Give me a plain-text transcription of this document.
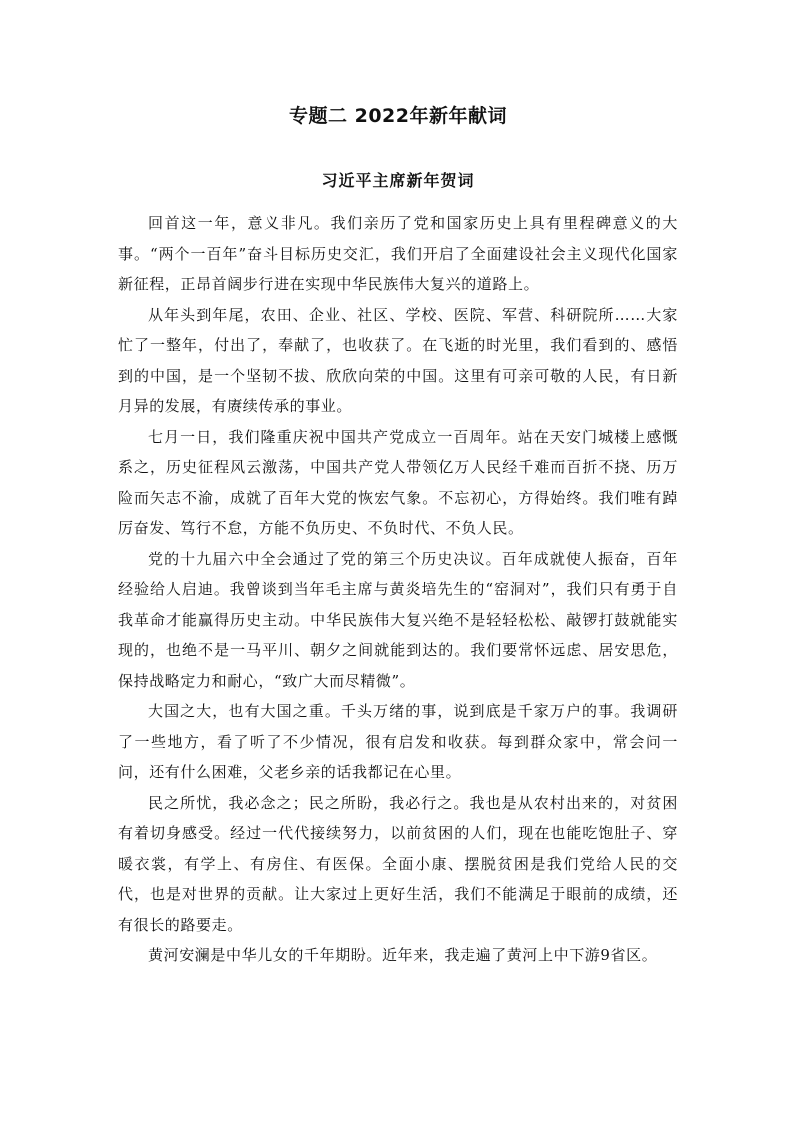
专题二 2022年新年献词
习近平主席新年贺词

回首这一年，意义非凡。我们亲历了党和国家历史上具有里程碑意义的大事。“两个一百年”奋斗目标历史交汇，我们开启了全面建设社会主义现代化国家新征程，正昂首阔步行进在实现中华民族伟大复兴的道路上。

从年头到年尾，农田、企业、社区、学校、医院、军营、科研院所……大家忙了一整年，付出了，奉献了，也收获了。在飞逝的时光里，我们看到的、感悟到的中国，是一个坚韧不拔、欣欣向荣的中国。这里有可亲可敬的人民，有日新月异的发展，有赓续传承的事业。

七月一日，我们隆重庆祝中国共产党成立一百周年。站在天安门城楼上感慨系之，历史征程风云激荡，中国共产党人带领亿万人民经千难而百折不挠、历万险而矢志不渝，成就了百年大党的恢宏气象。不忘初心，方得始终。我们唯有踔厉奋发、笃行不怠，方能不负历史、不负时代、不负人民。

党的十九届六中全会通过了党的第三个历史决议。百年成就使人振奋，百年经验给人启迪。我曾谈到当年毛主席与黄炎培先生的“窑洞对”，我们只有勇于自我革命才能赢得历史主动。中华民族伟大复兴绝不是轻轻松松、敲锣打鼓就能实现的，也绝不是一马平川、朝夕之间就能到达的。我们要常怀远虑、居安思危，保持战略定力和耐心，“致广大而尽精微”。

大国之大，也有大国之重。千头万绪的事，说到底是千家万户的事。我调研了一些地方，看了听了不少情况，很有启发和收获。每到群众家中，常会问一问，还有什么困难，父老乡亲的话我都记在心里。

民之所忧，我必念之；民之所盼，我必行之。我也是从农村出来的，对贫困有着切身感受。经过一代代接续努力，以前贫困的人们，现在也能吃饱肚子、穿暖衣裳，有学上、有房住、有医保。全面小康、摆脱贫困是我们党给人民的交代，也是对世界的贡献。让大家过上更好生活，我们不能满足于眼前的成绩，还有很长的路要走。

黄河安澜是中华儿女的千年期盼。近年来，我走遍了黄河上中下游9省区。
